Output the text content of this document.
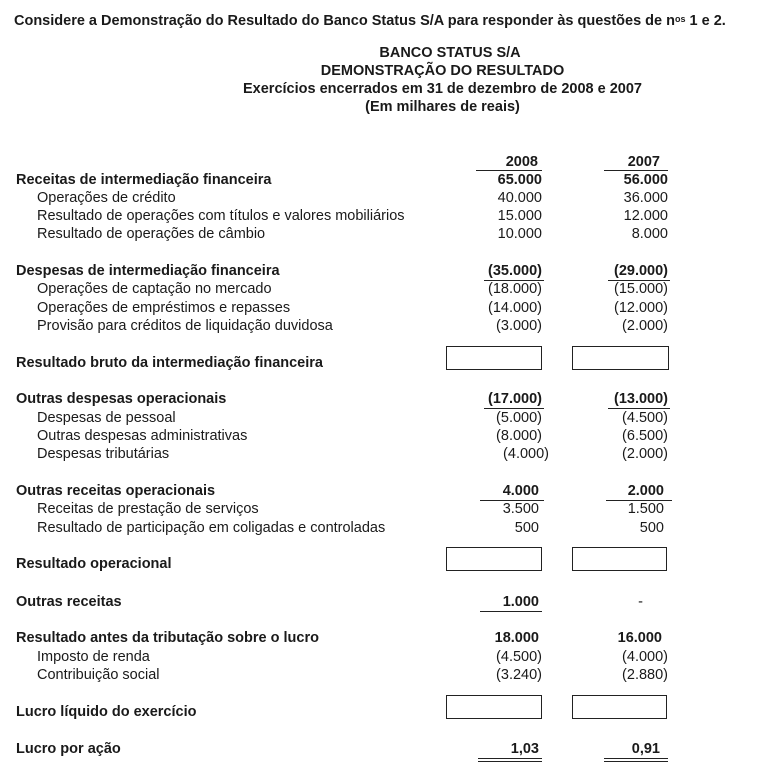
Considere a Demonstração do Resultado do Banco Status S/A para responder às questões de $n^{os}$ 1 e 2.
BANCO STATUS S/A
DEMONSTRAÇÃO DO RESULTADO
Exercícios encerrados em 31 de dezembro de 2008 e 2007
(Em milhares de reais)
2008	2007
Receitas de intermediação financeira	65.000	56.000
Operações de crédito	40.000	36.000
Resultado de operações com títulos e valores mobiliários	15.000	12.000
Resultado de operações de câmbio	10.000	8.000
Despesas de intermediação financeira	(35.000)	(29.000)
Operações de captação no mercado	(18.000)	(15.000)
Operações de empréstimos e repasses	(14.000)	(12.000)
Provisão para créditos de liquidação duvidosa	(3.000)	(2.000)
Resultado bruto da intermediação financeira
Outras despesas operacionais	(17.000)	(13.000)
Despesas de pessoal	(5.000)	(4.500)
Outras despesas administrativas	(8.000)	(6.500)
Despesas tributárias	(4.000)	(2.000)
Outras receitas operacionais	4.000	2.000
Receitas de prestação de serviços	3.500	1.500
Resultado de participação em coligadas e controladas	500	500
Resultado operacional
Outras receitas	1.000	-
Resultado antes da tributação sobre o lucro	18.000	16.000
Imposto de renda	(4.500)	(4.000)
Contribuição social	(3.240)	(2.880)
Lucro líquido do exercício
Lucro por ação	1,03	0,91
